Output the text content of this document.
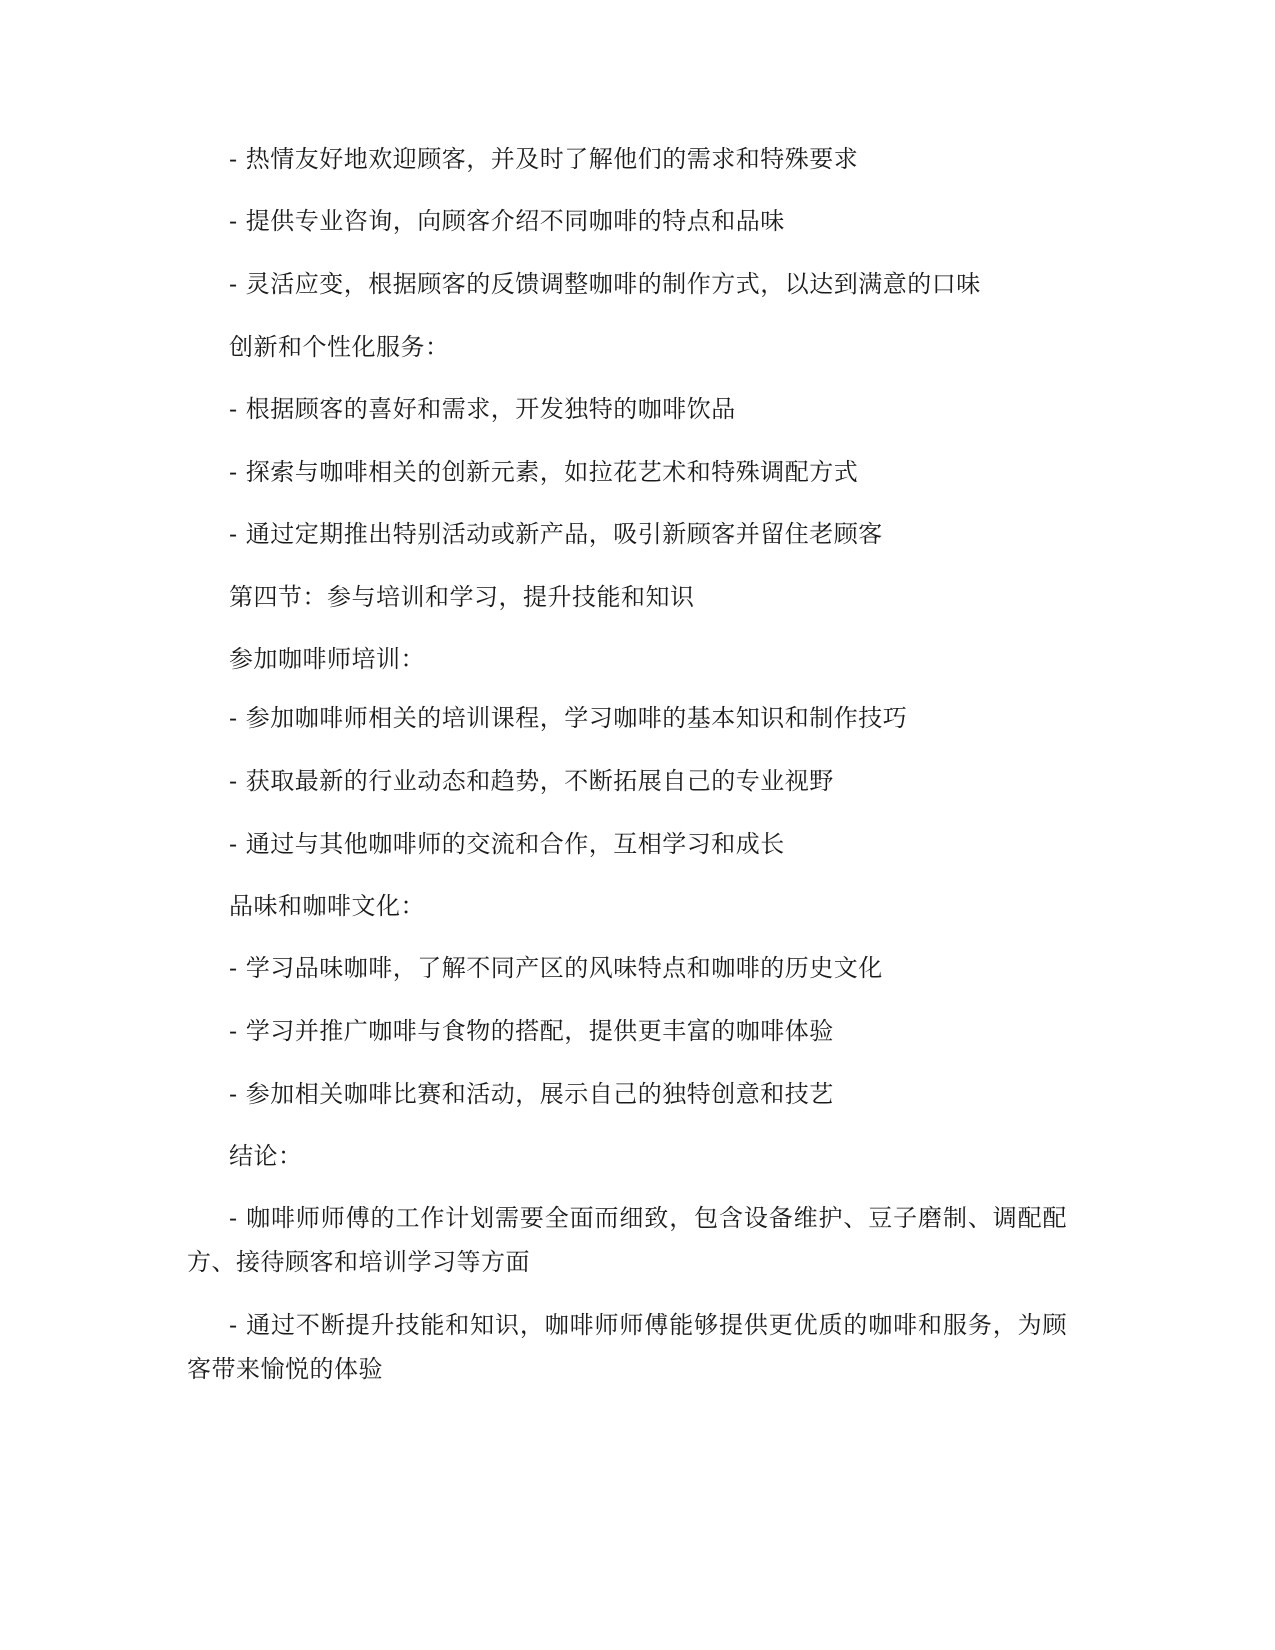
- 热情友好地欢迎顾客，并及时了解他们的需求和特殊要求
- 提供专业咨询，向顾客介绍不同咖啡的特点和品味
- 灵活应变，根据顾客的反馈调整咖啡的制作方式，以达到满意的口味
创新和个性化服务：
- 根据顾客的喜好和需求，开发独特的咖啡饮品
- 探索与咖啡相关的创新元素，如拉花艺术和特殊调配方式
- 通过定期推出特别活动或新产品，吸引新顾客并留住老顾客
第四节：参与培训和学习，提升技能和知识
参加咖啡师培训：
- 参加咖啡师相关的培训课程，学习咖啡的基本知识和制作技巧
- 获取最新的行业动态和趋势，不断拓展自己的专业视野
- 通过与其他咖啡师的交流和合作，互相学习和成长
品味和咖啡文化：
- 学习品味咖啡，了解不同产区的风味特点和咖啡的历史文化
- 学习并推广咖啡与食物的搭配，提供更丰富的咖啡体验
- 参加相关咖啡比赛和活动，展示自己的独特创意和技艺
结论：
- 咖啡师师傅的工作计划需要全面而细致，包含设备维护、豆子磨制、调配配方、接待顾客和培训学习等方面
- 通过不断提升技能和知识，咖啡师师傅能够提供更优质的咖啡和服务，为顾客带来愉悦的体验
